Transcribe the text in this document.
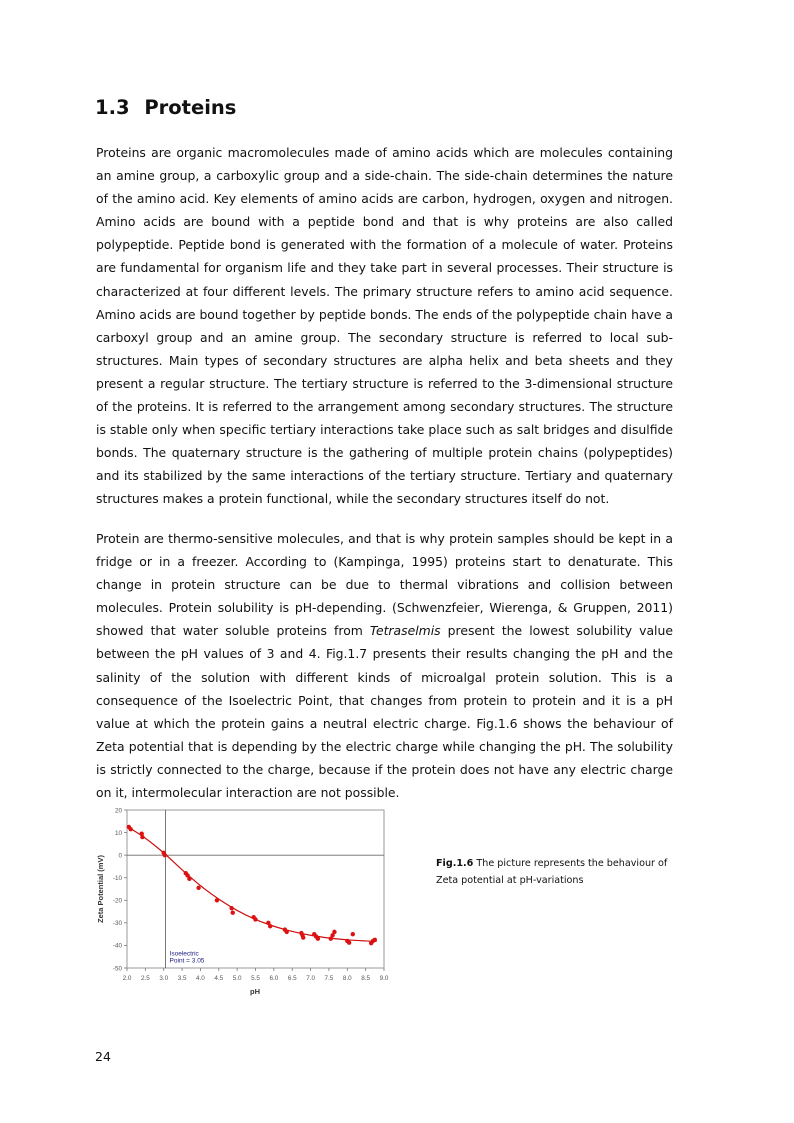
1.3 Proteins

Proteins are organic macromolecules made of amino acids which are molecules containing an amine group, a carboxylic group and a side-chain. The side-chain determines the nature of the amino acid. Key elements of amino acids are carbon, hydrogen, oxygen and nitrogen. Amino acids are bound with a peptide bond and that is why proteins are also called polypeptide. Peptide bond is generated with the formation of a molecule of water. Proteins are fundamental for organism life and they take part in several processes. Their structure is characterized at four different levels. The primary structure refers to amino acid sequence. Amino acids are bound together by peptide bonds. The ends of the polypeptide chain have a carboxyl group and an amine group. The secondary structure is referred to local sub-structures. Main types of secondary structures are alpha helix and beta sheets and they present a regular structure. The tertiary structure is referred to the 3-dimensional structure of the proteins. It is referred to the arrangement among secondary structures. The structure is stable only when specific tertiary interactions take place such as salt bridges and disulfide bonds. The quaternary structure is the gathering of multiple protein chains (polypeptides) and its stabilized by the same interactions of the tertiary structure. Tertiary and quaternary structures makes a protein functional, while the secondary structures itself do not.

Protein are thermo-sensitive molecules, and that is why protein samples should be kept in a fridge or in a freezer. According to (Kampinga, 1995) proteins start to denaturate. This change in protein structure can be due to thermal vibrations and collision between molecules. Protein solubility is pH-depending. (Schwenzfeier, Wierenga, & Gruppen, 2011) showed that water soluble proteins from Tetraselmis present the lowest solubility value between the pH values of 3 and 4. Fig.1.7 presents their results changing the pH and the salinity of the solution with different kinds of microalgal protein solution. This is a consequence of the Isoelectric Point, that changes from protein to protein and it is a pH value at which the protein gains a neutral electric charge. Fig.1.6 shows the behaviour of Zeta potential that is depending by the electric charge while changing the pH. The solubility is strictly connected to the charge, because if the protein does not have any electric charge on it, intermolecular interaction are not possible.

20
10
0
-10
-20
-30
-40
-50
2.0 2.5 3.0 3.5 4.0 4.5 5.0 5.5 6.0 6.5 7.0 7.5 8.0 8.5 9.0
Isoelectric
Point = 3.05
pH
Zeta Potential (mV)	Fig.1.6 The picture represents the behaviour of Zeta potential at pH-variations
24
